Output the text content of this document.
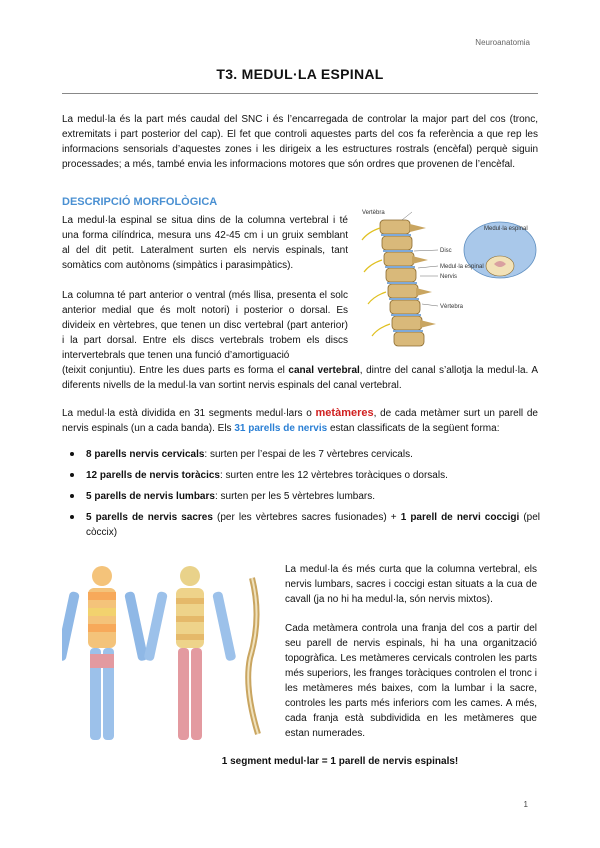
Neuroanatomia
T3. MEDUL·LA ESPINAL

La medul·la és la part més caudal del SNC i és l’encarregada de controlar la major part del cos (tronc, extremitats i part posterior del cap). El fet que controli aquestes parts del cos fa referència a que rep les informacions sensorials d’aquestes zones i les dirigeix a les estructures rostrals (encèfal) perquè siguin processades; a més, també envia les informacions motores que són ordres que provenen de l’encèfal.

DESCRIPCIÓ MORFOLÒGICA

La medul·la espinal se situa dins de la columna vertebral i té una forma cilíndrica, mesura uns 42-45 cm i un gruix semblant al del dit petit. Lateralment surten els nervis espinals, tant somàtics com autònoms (simpàtics i parasimpàtics).

La columna té part anterior o ventral (més llisa, presenta el solc anterior medial que és molt notori) i posterior o dorsal. Es divideix en vèrtebres, que tenen un disc vertebral (part anterior) i la part dorsal. Entre els discs vertebrals trobem els discs intervertebrals que tenen una funció d’amortiguació

(teixit conjuntiu). Entre les dues parts es forma el canal vertebral, dintre del canal s’allotja la medul·la. A diferents nivells de la medul·la van sortint nervis espinals del canal vertebral.

La medul·la està dividida en 31 segments medul·lars o metàmeres, de cada metàmer surt un parell de nervis espinals (un a cada banda). Els 31 parells de nervis estan classificats de la següent forma:

8 parells nervis cervicals: surten per l’espai de les 7 vèrtebres cervicals.
12 parells de nervis toràcics: surten entre les 12 vèrtebres toràciques o dorsals.
5 parells de nervis lumbars: surten per les 5 vèrtebres lumbars.
5 parells de nervis sacres (per les vèrtebres sacres fusionades) + 1 parell de nervi coccigi (pel còccix)
Medul·la espinal
Vertèbra
Disc
Medul·la espinal
Nervis
Vèrtebra

La medul·la és més curta que la columna vertebral, els nervis lumbars, sacres i coccigi estan situats a la cua de cavall (ja no hi ha medul·la, són nervis mixtos).

Cada metàmera controla una franja del cos a partir del seu parell de nervis espinals, hi ha una organització topogràfica. Les metàmeres cervicals controlen les parts més superiors, les franges toràciques controlen el tronc i les metàmeres més baixes, com la lumbar i la sacre, controles les parts més inferiors com les cames. A més, cada franja està subdividida en les metàmeres que estan numerades.

1 segment medul·lar = 1 parell de nervis espinals!
1
